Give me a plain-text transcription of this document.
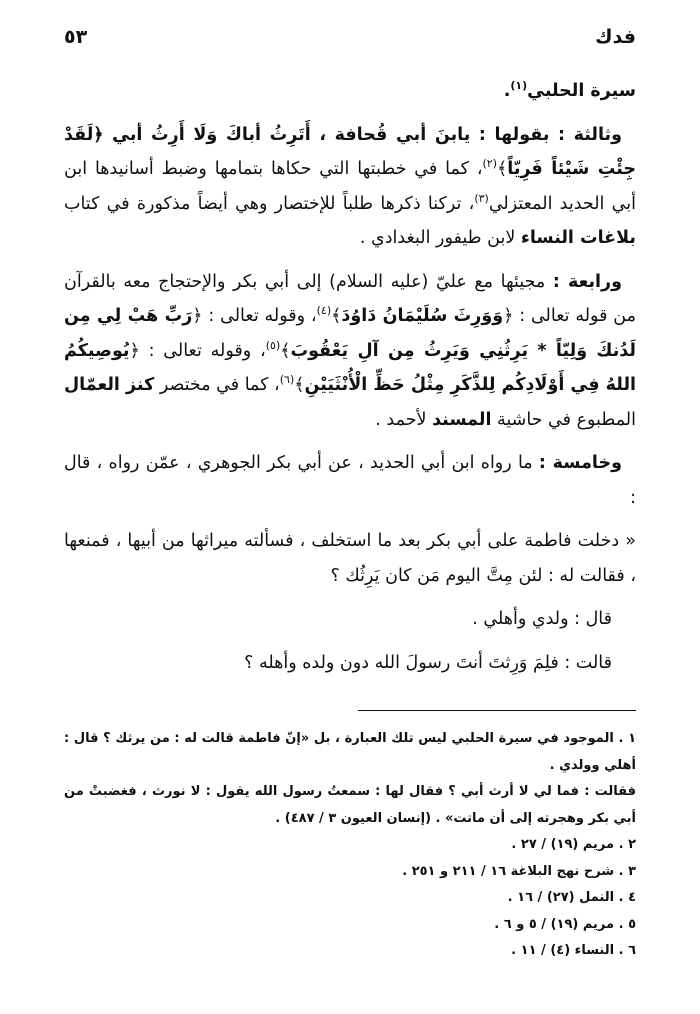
فدك
٥٣

سيرة الحلبي$^{(١)}$.

وثالثة : بقولها : يابنَ أبي قُحافة ، أَتَرِثُ أباكَ وَلَا أَرِثُ أبي ﴿لَقَدْ جِئْتِ شَيْئاً فَرِيّاً﴾$^{(٢)}$، كما في خطبتها التي حكاها بتمامها وضبط أسانيدها ابن أبي الحديد المعتزلي$^{(٣)}$، تركنا ذكرها طلباً للإختصار وهي أيضاً مذكورة في كتاب بلاغات النساء لابن طيفور البغدادي .

ورابعة : مجيئها مع عليّ (عليه السلام) إلى أبي بكر والإحتجاج معه بالقرآن من قوله تعالى : ﴿وَوَرِثَ سُلَيْمَانُ دَاوُدَ﴾$^{(٤)}$، وقوله تعالى : ﴿رَبِّ هَبْ لِي مِن لَدُنكَ وَلِيّاً * يَرِثُنِي وَيَرِثُ مِن آلِ يَعْقُوبَ﴾$^{(٥)}$، وقوله تعالى : ﴿يُوصِيكُمُ اللهُ فِي أَوْلَادِكُم لِلذَّكَرِ مِثْلُ حَظِّ الْأُنْثَيَيْنِ﴾$^{(٦)}$، كما في مختصر كنز العمّال المطبوع في حاشية المسند لأحمد .

وخامسة : ما رواه ابن أبي الحديد ، عن أبي بكر الجوهري ، عمّن رواه ، قال :

« دخلت فاطمة على أبي بكر بعد ما استخلف ، فسألته ميراثها من أبيها ، فمنعها ، فقالت له : لئن مِتَّ اليوم مَن كان يَرِثُك ؟

قال : ولدي وأهلي .

قالت : فلِمَ وَرِثتَ أنتَ رسولَ الله دون ولده وأهله ؟

١ . الموجود في سيرة الحلبي ليس تلك العبارة ، بل «إنّ فاطمة قالت له : من يرثك ؟ قال : أهلي وولدي .

فقالت : فما لي لا أرث أبي ؟ فقال لها : سمعتُ رسول الله يقول : لا نورث ، فغضبتْ من أبي بكر وهجرته إلى أن ماتت» . (إنسان العيون ٣ / ٤٨٧) .

٢ . مريم (١٩) / ٢٧ .

٣ . شرح نهج البلاغة ١٦ / ٢١١ و ٢٥١ .

٤ . النمل (٢٧) / ١٦ .

٥ . مريم (١٩) / ٥ و ٦ .

٦ . النساء (٤) / ١١ .
